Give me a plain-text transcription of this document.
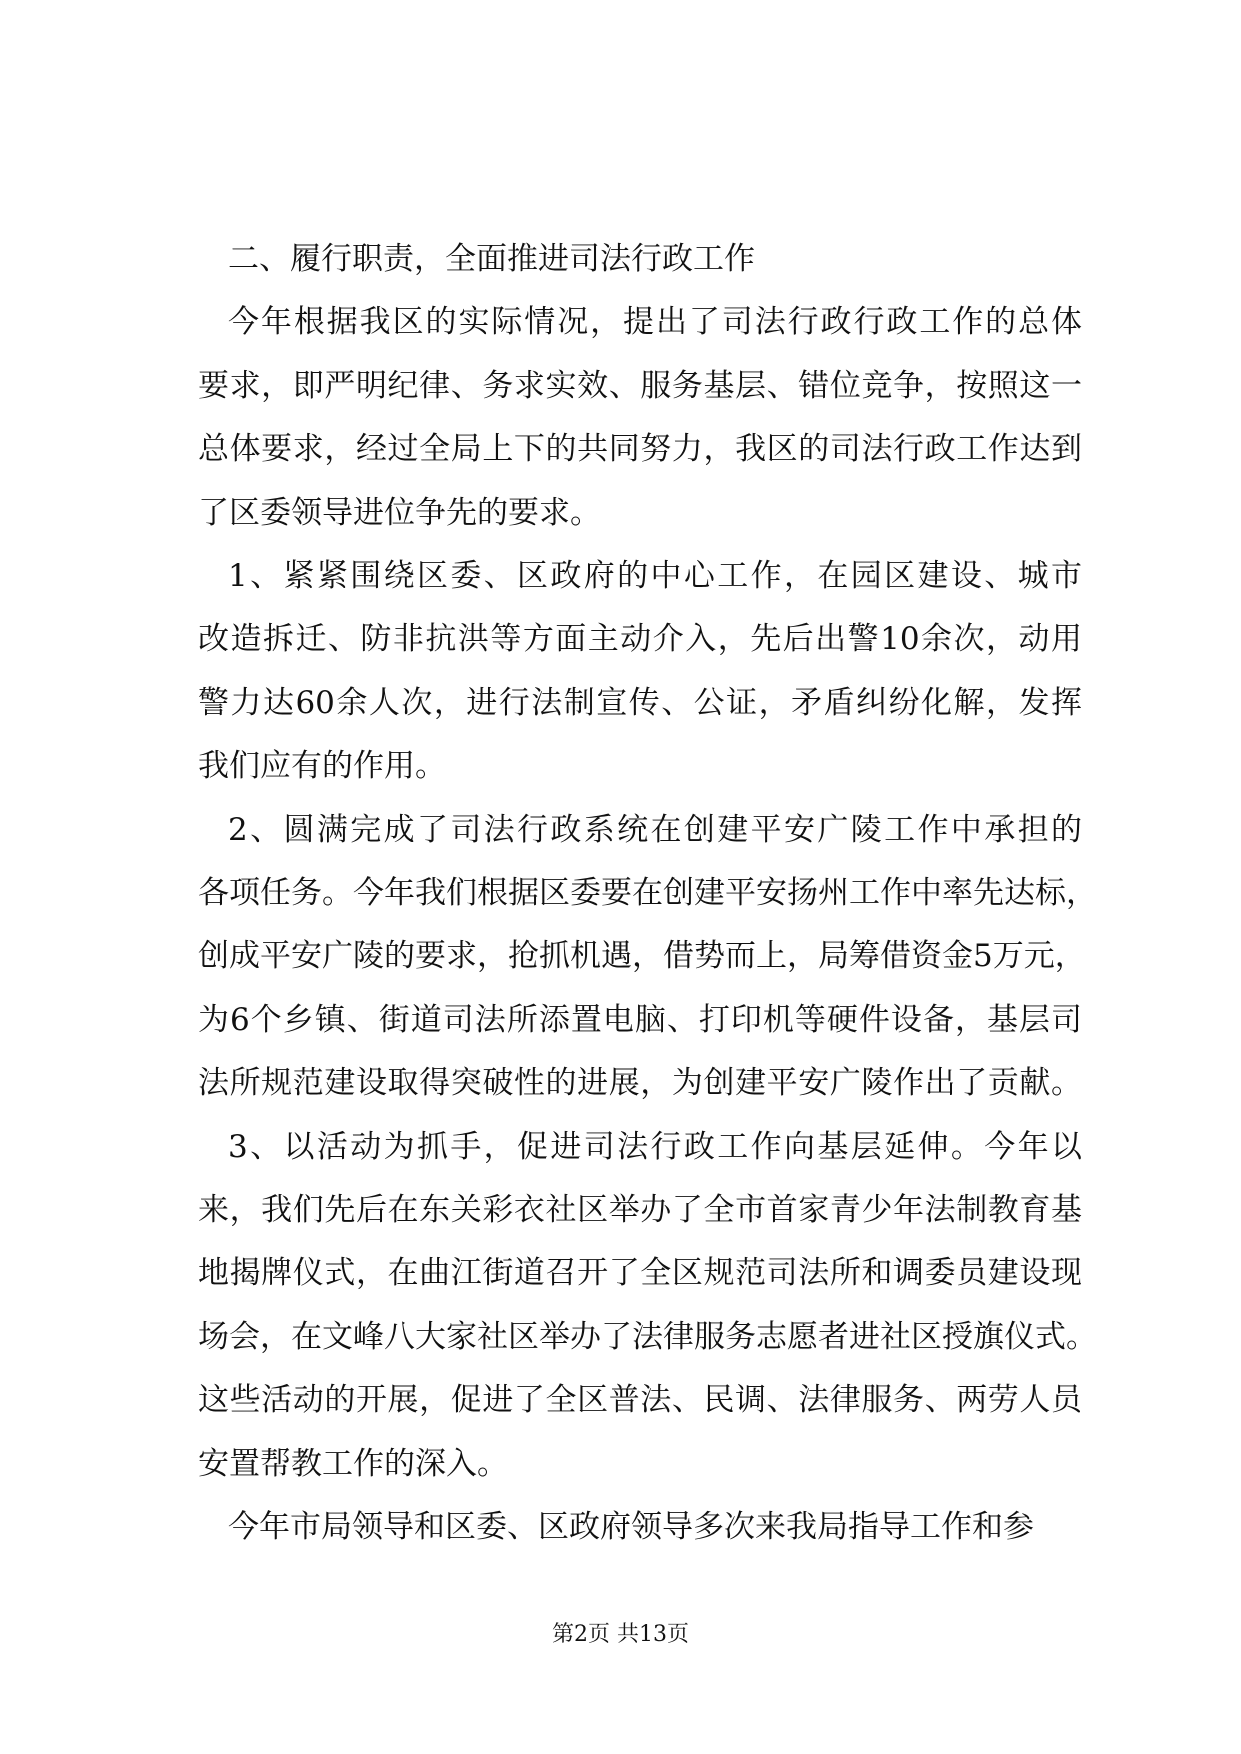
二、履行职责，全面推进司法行政工作
今年根据我区的实际情况，提出了司法行政行政工作的总体
要求，即严明纪律、务求实效、服务基层、错位竞争，按照这一
总体要求，经过全局上下的共同努力，我区的司法行政工作达到
了区委领导进位争先的要求。
1、紧紧围绕区委、区政府的中心工作，在园区建设、城市
改造拆迁、防非抗洪等方面主动介入，先后出警10余次，动用
警力达60余人次，进行法制宣传、公证，矛盾纠纷化解，发挥
我们应有的作用。
2、圆满完成了司法行政系统在创建平安广陵工作中承担的
各项任务。今年我们根据区委要在创建平安扬州工作中率先达标，
创成平安广陵的要求，抢抓机遇，借势而上，局筹借资金5万元，
为6个乡镇、街道司法所添置电脑、打印机等硬件设备，基层司
法所规范建设取得突破性的进展，为创建平安广陵作出了贡献。
3、以活动为抓手，促进司法行政工作向基层延伸。今年以
来，我们先后在东关彩衣社区举办了全市首家青少年法制教育基
地揭牌仪式，在曲江街道召开了全区规范司法所和调委员建设现
场会，在文峰八大家社区举办了法律服务志愿者进社区授旗仪式。
这些活动的开展，促进了全区普法、民调、法律服务、两劳人员
安置帮教工作的深入。
今年市局领导和区委、区政府领导多次来我局指导工作和参
第2页 共13页
